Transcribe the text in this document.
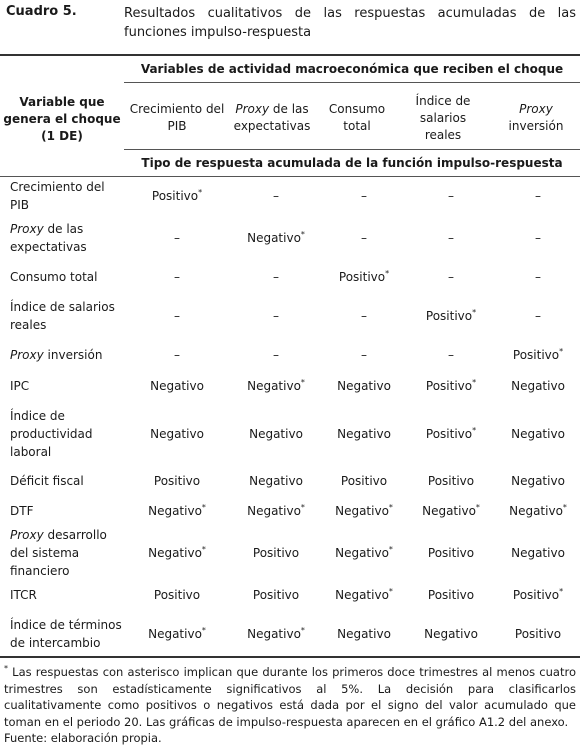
Cuadro 5.	Resultados cualitativos de las respuestas acumuladas de las funciones impulso-respuesta
Variables de actividad macroeconómica que reciben el choque
Variable que genera el choque (1 DE)
Crecimiento del PIB
Proxy de las expectativas
Consumo total
Índice de salarios reales
Proxy inversión
Tipo de respuesta acumulada de la función impulso-respuesta
Crecimiento del PIB	Positivo*	–	–	–	–
Proxy de las expectativas	–	Negativo*	–	–	–
Consumo total	–	–	Positivo*	–	–
Índice de salarios reales	–	–	–	Positivo*	–
Proxy inversión	–	–	–	–	Positivo*
IPC	Negativo	Negativo*	Negativo	Positivo*	Negativo
Índice de productividad laboral	Negativo	Negativo	Negativo	Positivo*	Negativo
Déficit fiscal	Positivo	Negativo	Positivo	Positivo	Negativo
DTF	Negativo*	Negativo*	Negativo*	Negativo*	Negativo*
Proxy desarrollo del sistema financiero	Negativo*	Positivo	Negativo*	Positivo	Negativo
ITCR	Positivo	Positivo	Negativo*	Positivo	Positivo*
Índice de términos de intercambio	Negativo*	Negativo*	Negativo	Negativo	Positivo
* Las respuestas con asterisco implican que durante los primeros doce trimestres al menos cuatro trimestres son estadísticamente significativos al 5%. La decisión para clasificarlos cualitativamente como positivos o negativos está dada por el signo del valor acumulado que toman en el periodo 20. Las gráficas de impulso-respuesta aparecen en el gráfico A1.2 del anexo.
Fuente: elaboración propia.
